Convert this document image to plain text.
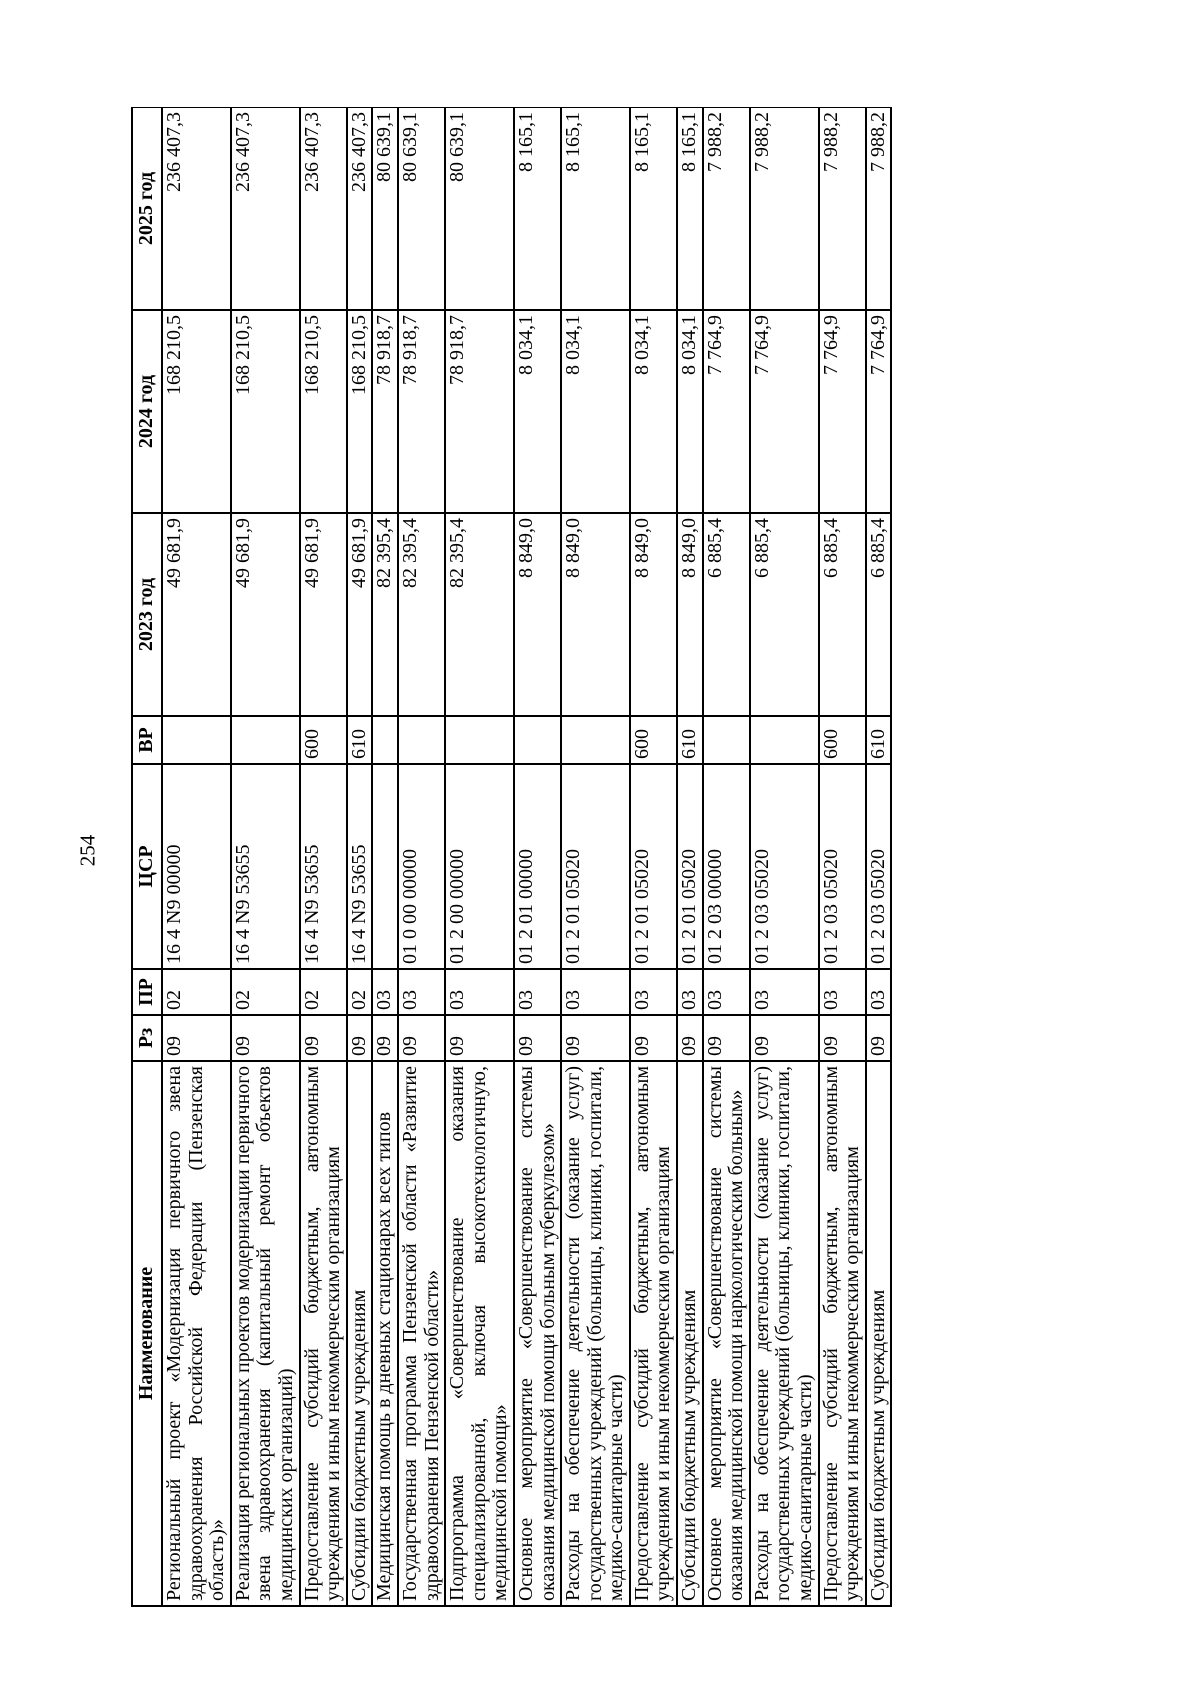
254
Наименование	Рз	ПР	ЦСР	ВР	2023 год	2024 год	2025 год
Региональный проект «Модернизация первичного звена здравоохранения Российской Федерации (Пензенская область)»	09	02	16 4 N9 00000		49 681,9	168 210,5	236 407,3
Реализация региональных проектов модернизации первичного звена здравоохранения (капитальный ремонт объектов медицинских организаций)	09	02	16 4 N9 53655		49 681,9	168 210,5	236 407,3
Предоставление субсидий бюджетным, автономным учреждениям и иным некоммерческим организациям	09	02	16 4 N9 53655	600	49 681,9	168 210,5	236 407,3
Субсидии бюджетным учреждениям	09	02	16 4 N9 53655	610	49 681,9	168 210,5	236 407,3
Медицинская помощь в дневных стационарах всех типов	09	03			82 395,4	78 918,7	80 639,1
Государственная программа Пензенской области «Развитие здравоохранения Пензенской области»	09	03	01 0 00 00000		82 395,4	78 918,7	80 639,1
Подпрограмма «Совершенствование оказания специализированной, включая высокотехнологичную, медицинской помощи»	09	03	01 2 00 00000		82 395,4	78 918,7	80 639,1
Основное мероприятие «Совершенствование системы оказания медицинской помощи больным туберкулезом»	09	03	01 2 01 00000		8 849,0	8 034,1	8 165,1
Расходы на обеспечение деятельности (оказание услуг) государственных учреждений (больницы, клиники, госпитали, медико-санитарные части)	09	03	01 2 01 05020		8 849,0	8 034,1	8 165,1
Предоставление субсидий бюджетным, автономным учреждениям и иным некоммерческим организациям	09	03	01 2 01 05020	600	8 849,0	8 034,1	8 165,1
Субсидии бюджетным учреждениям	09	03	01 2 01 05020	610	8 849,0	8 034,1	8 165,1
Основное мероприятие «Совершенствование системы оказания медицинской помощи наркологическим больным»	09	03	01 2 03 00000		6 885,4	7 764,9	7 988,2
Расходы на обеспечение деятельности (оказание услуг) государственных учреждений (больницы, клиники, госпитали, медико-санитарные части)	09	03	01 2 03 05020		6 885,4	7 764,9	7 988,2
Предоставление субсидий бюджетным, автономным учреждениям и иным некоммерческим организациям	09	03	01 2 03 05020	600	6 885,4	7 764,9	7 988,2
Субсидии бюджетным учреждениям	09	03	01 2 03 05020	610	6 885,4	7 764,9	7 988,2
